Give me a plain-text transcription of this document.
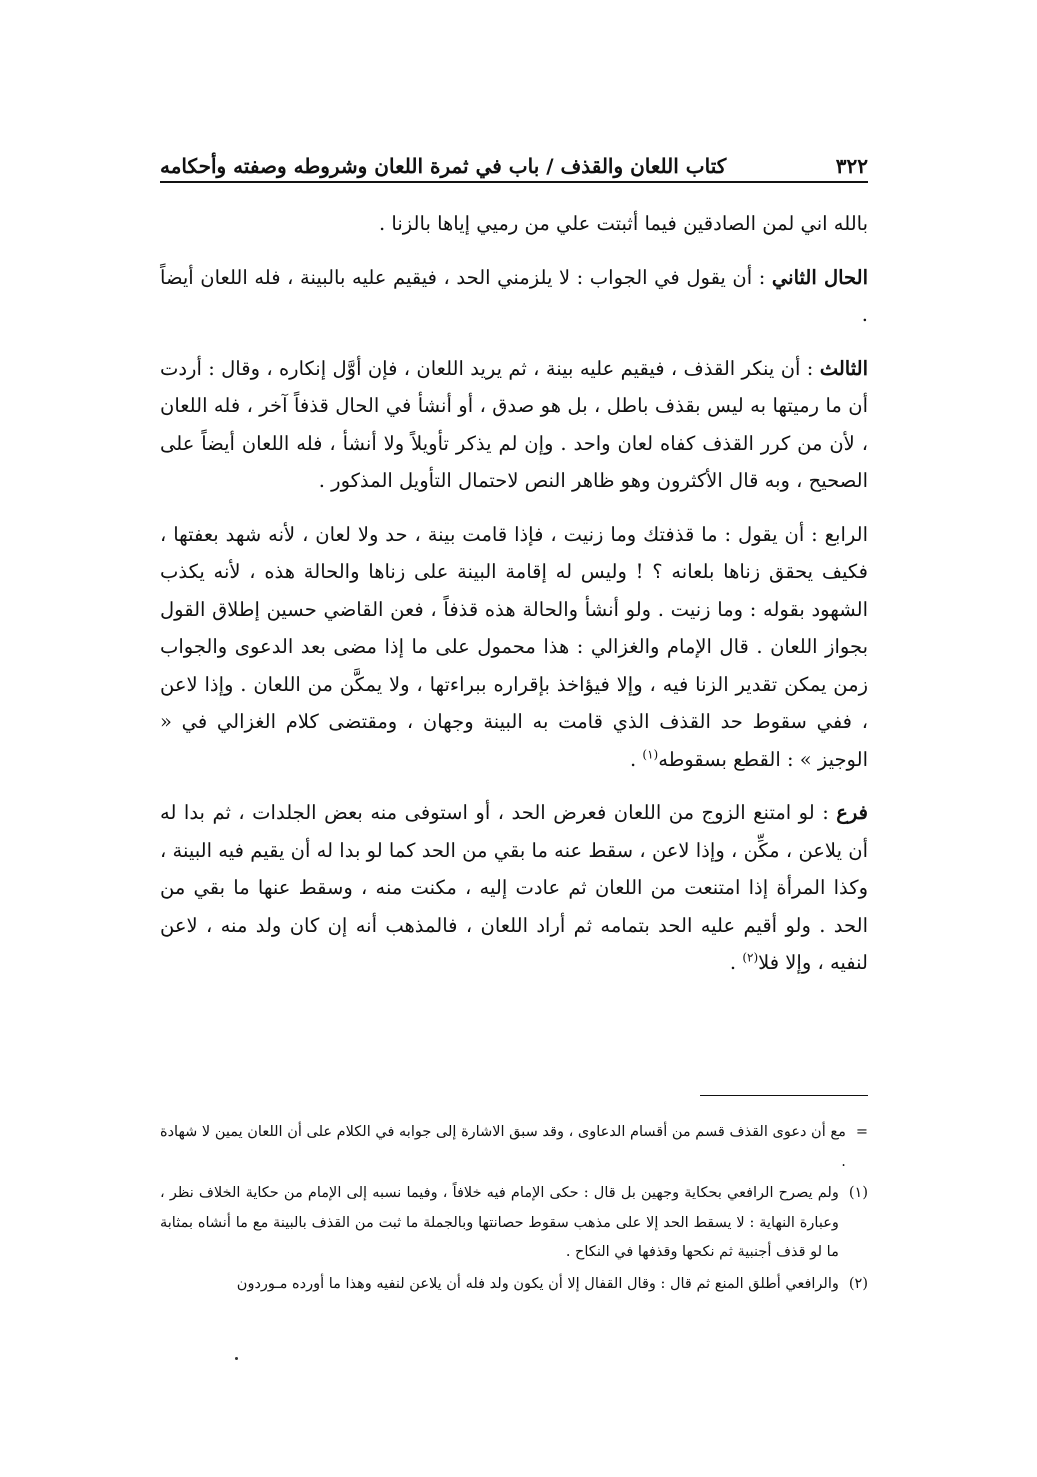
٣٢٢
كتاب اللعان والقذف / باب في ثمرة اللعان وشروطه وصفته وأحكامه

بالله اني لمن الصادقين فيما أثبتت علي من رميي إياها بالزنا .

الحال الثاني : أن يقول في الجواب : لا يلزمني الحد ، فيقيم عليه بالبينة ، فله اللعان أيضاً .

الثالث : أن ينكر القذف ، فيقيم عليه بينة ، ثم يريد اللعان ، فإن أوَّل إنكاره ، وقال : أردت أن ما رميتها به ليس بقذف باطل ، بل هو صدق ، أو أنشأ في الحال قذفاً آخر ، فله اللعان ، لأن من كرر القذف كفاه لعان واحد . وإن لم يذكر تأويلاً ولا أنشأ ، فله اللعان أيضاً على الصحيح ، وبه قال الأكثرون وهو ظاهر النص لاحتمال التأويل المذكور .

الرابع : أن يقول : ما قذفتك وما زنيت ، فإذا قامت بينة ، حد ولا لعان ، لأنه شهد بعفتها ، فكيف يحقق زناها بلعانه ؟ ! وليس له إقامة البينة على زناها والحالة هذه ، لأنه يكذب الشهود بقوله : وما زنيت . ولو أنشأ والحالة هذه قذفاً ، فعن القاضي حسين إطلاق القول بجواز اللعان . قال الإمام والغزالي : هذا محمول على ما إذا مضى بعد الدعوى والجواب زمن يمكن تقدير الزنا فيه ، وإلا فيؤاخذ بإقراره ببراءتها ، ولا يمكَّن من اللعان . وإذا لاعن ، ففي سقوط حد القذف الذي قامت به البينة وجهان ، ومقتضى كلام الغزالي في « الوجيز » : القطع بسقوطه$^{(١)}$ .

فرع : لو امتنع الزوج من اللعان فعرض الحد ، أو استوفى منه بعض الجلدات ، ثم بدا له أن يلاعن ، مكِّن ، وإذا لاعن ، سقط عنه ما بقي من الحد كما لو بدا له أن يقيم فيه البينة ، وكذا المرأة إذا امتنعت من اللعان ثم عادت إليه ، مكنت منه ، وسقط عنها ما بقي من الحد . ولو أقيم عليه الحد بتمامه ثم أراد اللعان ، فالمذهب أنه إن كان ولد منه ، لاعن لنفيه ، وإلا فلا$^{(٢)}$ .

=
مع أن دعوى القذف قسم من أقسام الدعاوى ، وقد سبق الاشارة إلى جوابه في الكلام على أن اللعان يمين لا شهادة .
(١)
ولم يصرح الرافعي بحكاية وجهين بل قال : حكى الإمام فيه خلافاً ، وفيما نسبه إلى الإمام من حكاية الخلاف نظر ، وعبارة النهاية : لا يسقط الحد إلا على مذهب سقوط حصانتها وبالجملة ما ثبت من القذف بالبينة مع ما أنشاه بمثابة ما لو قذف أجنبية ثم نكحها وقذفها في النكاح .
(٢)
والرافعي أطلق المنع ثم قال : وقال القفال إلا أن يكون ولد فله أن يلاعن لنفيه وهذا ما أورده مـوردون
